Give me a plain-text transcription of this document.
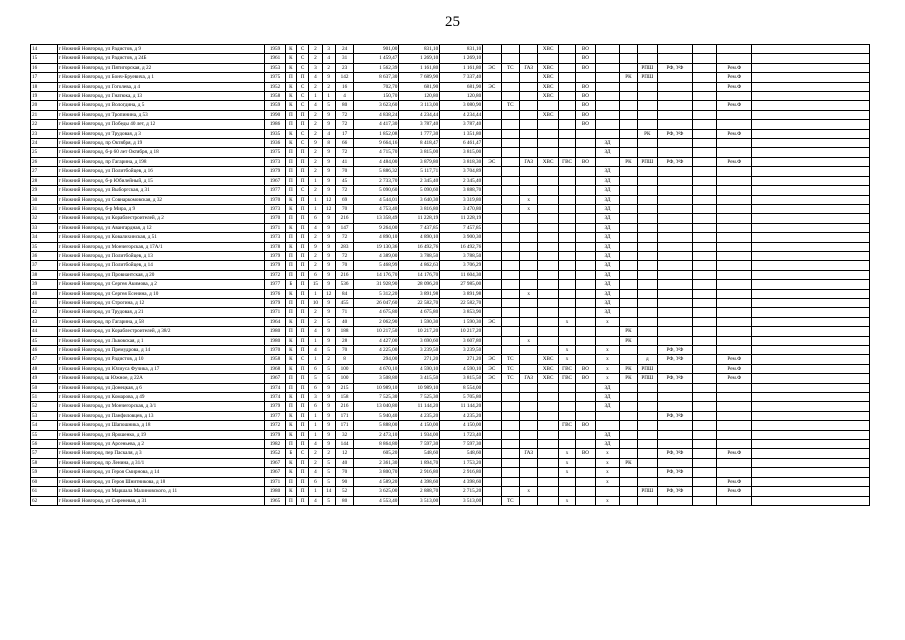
25
14	г Нижний Новгород, ул Радистов, д 9	1959	К	С	2	3	24	901,00	831,10	831,10				ХВС		ВО							
15	г Нижний Новгород, ул Радистов, д 24Б	1961	К	С	2	4	31	1 459,47	1 269,10	1 269,10						ВО							
16	г Нижний Новгород, ул Пятигорская, д 22	1953	К	С	3	2	23	1 562,39	1 161,80	1 161,80	ЭС	ТС	ГАЗ	ХВС		ВО			РПШ	РФ, УФ		Рем.Ф	
17	г Нижний Новгород, ул Бонч-Бруевича, д 1	1975	П	П	4	9	142	8 637,30	7 689,90	7 337,40				ХВС				РК	РПШ			Рем.Ф	
18	г Нижний Новгород, ул Гоголева, д 4	1952	К	С	2	2	16	702,70	681,90	681,90	ЭС			ХВС		ВО						Рем.Ф	
19	г Нижний Новгород, ул Гнатюка, д 13	1958	К	С	1	1	4	150,70	120,80	120,80				ХВС		ВО							
20	г Нижний Новгород, ул Вологдина, д 5	1959	К	С	4	5	80	3 623,60	3 113,00	3 080,90		ТС				ВО						Рем.Ф	
21	г Нижний Новгород, ул Тропинина, д 53	1990	П	П	2	9	72	4 838,24	4 234,44	4 234,44				ХВС		ВО							
22	г Нижний Новгород, ул Победы 40 лет, д 12	1986	П	П	2	9	72	4 417,30	3 787,40	3 787,40						ВО							
23	г Нижний Новгород, ул Трудовая, д 3	1935	К	С	2	4	17	1 852,08	1 777,30	1 351,80									РК	РФ, УФ		Рем.Ф	
24	г Нижний Новгород, пр Октября, д 19	1936	К	С	9	8	66	9 664,16	8 418,47	6 461,47							ЗД						
25	г Нижний Новгород, б-р 60 лет Октября, д 18	1975	П	П	2	9	72	4 715,70	3 815,00	3 815,00							ЗД						
26	г Нижний Новгород, пр Гагарина, д 198	1973	П	П	2	9	41	4 484,00	3 879,80	3 818,30	ЭС		ГАЗ	ХВС	ГВС	ВО		РК	РПШ	РФ, УФ		Рем.Ф	
27	г Нижний Новгород, ул Политбойцев, д 16	1979	П	П	2	9	70	5 886,32	5 117,71	3 704,89							ЗД						
28	г Нижний Новгород, б-р Юбилейный, д 15	1967	П	П	1	9	45	2 733,70	2 345,40	2 345,40							ЗД						
29	г Нижний Новгород, ул Выборгская, д 31	1977	П	С	2	9	72	5 090,60	5 090,60	3 888,70							ЗД						
30	г Нижний Новгород, ул Совнаркомовская, д 32	1970	К	П	1	12	69	4 544,01	3 640,30	3 319,80			х				ЗД						
31	г Нижний Новгород, б-р Мира, д 9	1973	К	П	1	12	70	4 753,40	3 816,80	3 470,80			х				ЗД						
32	г Нижний Новгород, ул Кораблестроителей, д 2	1970	П	П	6	9	216	13 358,49	11 228,19	11 228,19							ЗД						
33	г Нижний Новгород, ул Авангардная, д 12	1971	К	П	4	9	147	9 264,00	7 437,85	7 457,85							ЗД						
34	г Нижний Новгород, ул Ковалихинская, д 51	1973	П	П	2	9	72	4 890,10	4 890,10	3 900,30							ЗД						
35	г Нижний Новгород, ул Мончегорская, д 17А/1	1978	К	П	9	9	283	19 130,36	16 492,76	16 492,76							ЗД						
36	г Нижний Новгород, ул Политбойцев, д 13	1979	П	П	2	9	72	4 389,00	3 788,50	3 788,50							ЗД						
37	г Нижний Новгород, ул Политбойцев, д 14	1979	П	П	2	9	70	5 468,99	4 862,63	3 706,29							ЗД						
38	г Нижний Новгород, ул Провиантская, д 20	1972	П	П	6	9	216	14 176,70	14 176,70	11 604,30							ЗД						
39	г Нижний Новгород, ул Сергея Акимова, д 2	1977	Б	П	15	9	536	31 928,90	28 096,20	27 985,00							ЗД						
40	г Нижний Новгород, ул Сергея Есенина, д 10	1976	К	П	1	12	84	5 312,20	3 891,98	3 891,98			х				ЗД						
41	г Нижний Новгород, ул Строгина, д 12	1979	П	П	10	9	455	26 047,60	22 582,70	22 582,70							ЗД						
42	г Нижний Новгород, ул Трудовая, д 21	1971	П	П	2	9	71	4 675,80	4 675,80	3 853,90							ЗД						
43	г Нижний Новгород, пр Гагарина, д 58	1964	К	П	2	5	40	2 062,90	1 590,30	1 590,30	ЭС				х		х						
44	г Нижний Новгород, ул Кораблестроителей, д 38/2	1980	П	П	4	9	188	10 217,50	10 217,20	10 217,20								РК					
45	г Нижний Новгород, ул Львовская, д 1	1980	К	П	1	9	28	4 427,00	3 690,60	3 607,80			х					РК					
46	г Нижний Новгород, ул Премудрова, д 14	1970	К	П	4	5	70	4 225,00	3 239,50	3 239,50					х		х			РФ, УФ			
47	г Нижний Новгород, ул Радистов, д 10	1958	К	С	1	2	8	294,00	271,20	271,20	ЭС	ТС		ХВС	х		х		д	РФ, УФ		Рем.Ф	
48	г Нижний Новгород, ул Юлиуса Фучика, д 17	1968	К	П	6	5	100	4 670,10	4 590,10	4 590,10	ЭС	ТС		ХВС	ГВС	ВО	х	РК	РПШ			Рем.Ф	
49	г Нижний Новгород, ш Южное, д 22А	1967	П	П	5	5	100	3 508,80	3 415,50	3 815,50	ЭС	ТС	ГАЗ	ХВС	ГВС	ВО	х	РК	РПШ	РФ, УФ		Рем.Ф	
50	г Нижний Новгород, ул Донецкая, д 6	1974	П	П	6	9	215	10 989,10	10 989,10	8 554,00							ЗД						
51	г Нижний Новгород, ул Комарова, д 49	1974	К	П	3	9	158	7 525,30	7 525,30	5 705,80							ЗД						
52	г Нижний Новгород, ул Мончегорская, д 3/1	1979	П	П	6	9	216	13 040,80	11 144,20	11 144,20							ЗД						
53	г Нижний Новгород, ул Панфиловцев, д 13	1977	К	П	1	9	171	5 940,40	4 235,20	4 235,20										РФ, УФ			
54	г Нижний Новгород, ул Шапошника, д 18	1972	К	П	1	9	171	5 888,00	4 150,00	4 150,00					ГВС	ВО							
55	г Нижний Новгород, ул Ярошенко, д 19	1979	К	П	1	9	32	2 473,10	1 934,00	1 723,40							ЗД						
56	г Нижний Новгород, ул Арсеньева, д 2	1982	П	П	4	9	144	8 864,80	7 597,30	7 597,30							ЗД						
57	г Нижний Новгород, пер Паскаля, д 3	1952	Б	С	2	2	12	605,20	548,60	548,60			ГАЗ		х	ВО	х			РФ, УФ		Рем.Ф	
58	г Нижний Новгород, пр Ленина, д 31/1	1967	К	П	2	5	40	2 361,30	1 894,70	1 753,20					х		х	РК					
59	г Нижний Новгород, ул Героя Смирнова, д 14	1967	К	П	4	5	70	3 800,70	2 916,80	2 916,80					х		х			РФ, УФ			
60	г Нижний Новгород, ул Героя Шнитникова, д 18	1971	П	П	6	5	90	4 589,20	4 398,60	4 398,60							х					Рем.Ф	
61	г Нижний Новгород, ул Маршала Малиновского, д 11	1980	К	П	1	14	52	3 625,00	2 888,70	2 715,20			х						РПШ	РФ, УФ		Рем.Ф	
62	г Нижний Новгород, ул Сиреневая, д 31	1965	П	П	4	5	80	4 553,40	3 513,00	3 513,00		ТС			х		х						
